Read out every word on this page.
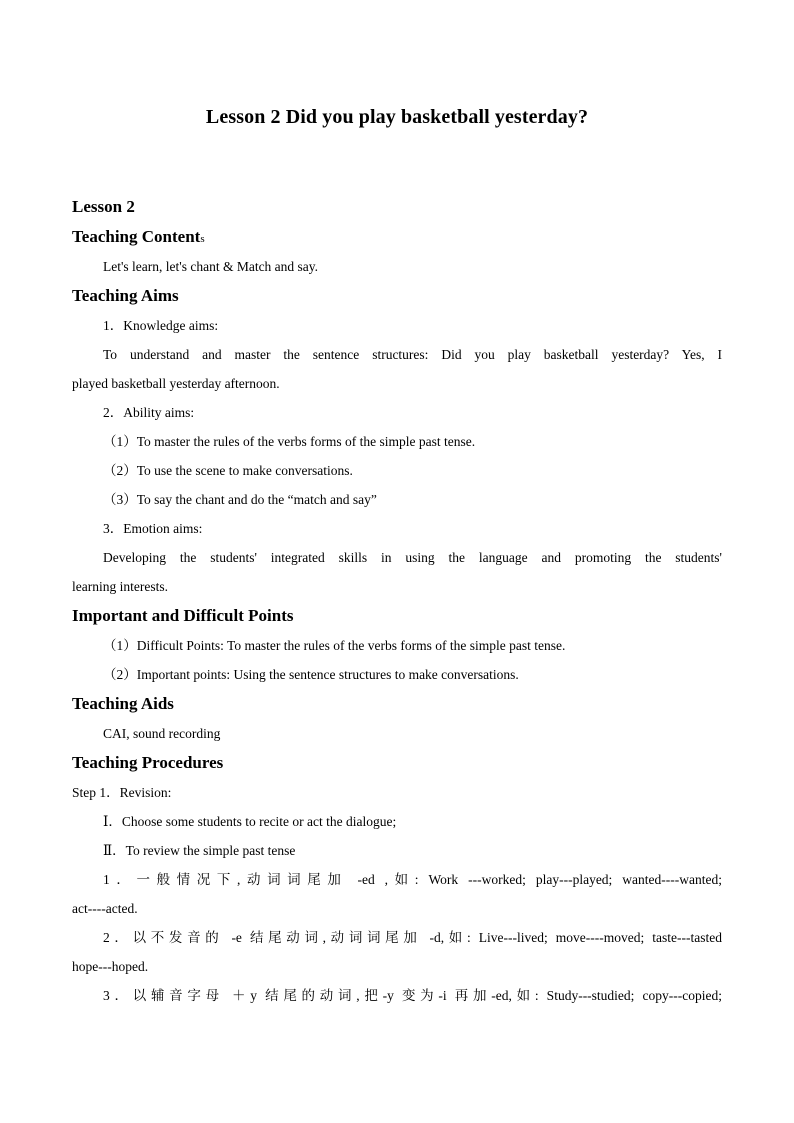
Lesson 2 Did you play basketball yesterday?
Lesson 2
Teaching Contents
Let's learn, let's chant & Match and say.
Teaching Aims
1．Knowledge aims:
To understand and master the sentence structures: Did you play basketball yesterday? Yes, I
played basketball yesterday afternoon.
2．Ability aims:
（1）To master the rules of the verbs forms of the simple past tense.
（2）To use the scene to make conversations.
（3）To say the chant and do the “match and say”
3．Emotion aims:
Developing the students' integrated skills in using the language and promoting the students'
learning interests.
Important and Difficult Points
（1）Difficult Points: To master the rules of the verbs forms of the simple past tense.
（2）Important points: Using the sentence structures to make conversations.
Teaching Aids
CAI, sound recording
Teaching Procedures
Step 1．Revision:
Ⅰ．Choose some students to recite or act the dialogue;
Ⅱ．To review the simple past tense
1．一般情况下,动词词尾加 -ed ,如: Work ---worked; play---played; wanted----wanted;
act----acted.
2．以不发音的 -e 结尾动词,动词词尾加 -d,如: Live---lived; move----moved; taste---tasted
hope---hoped.
3．以辅音字母 ＋y 结尾的动词,把-y 变为-i 再加-ed,如: Study---studied; copy---copied;
